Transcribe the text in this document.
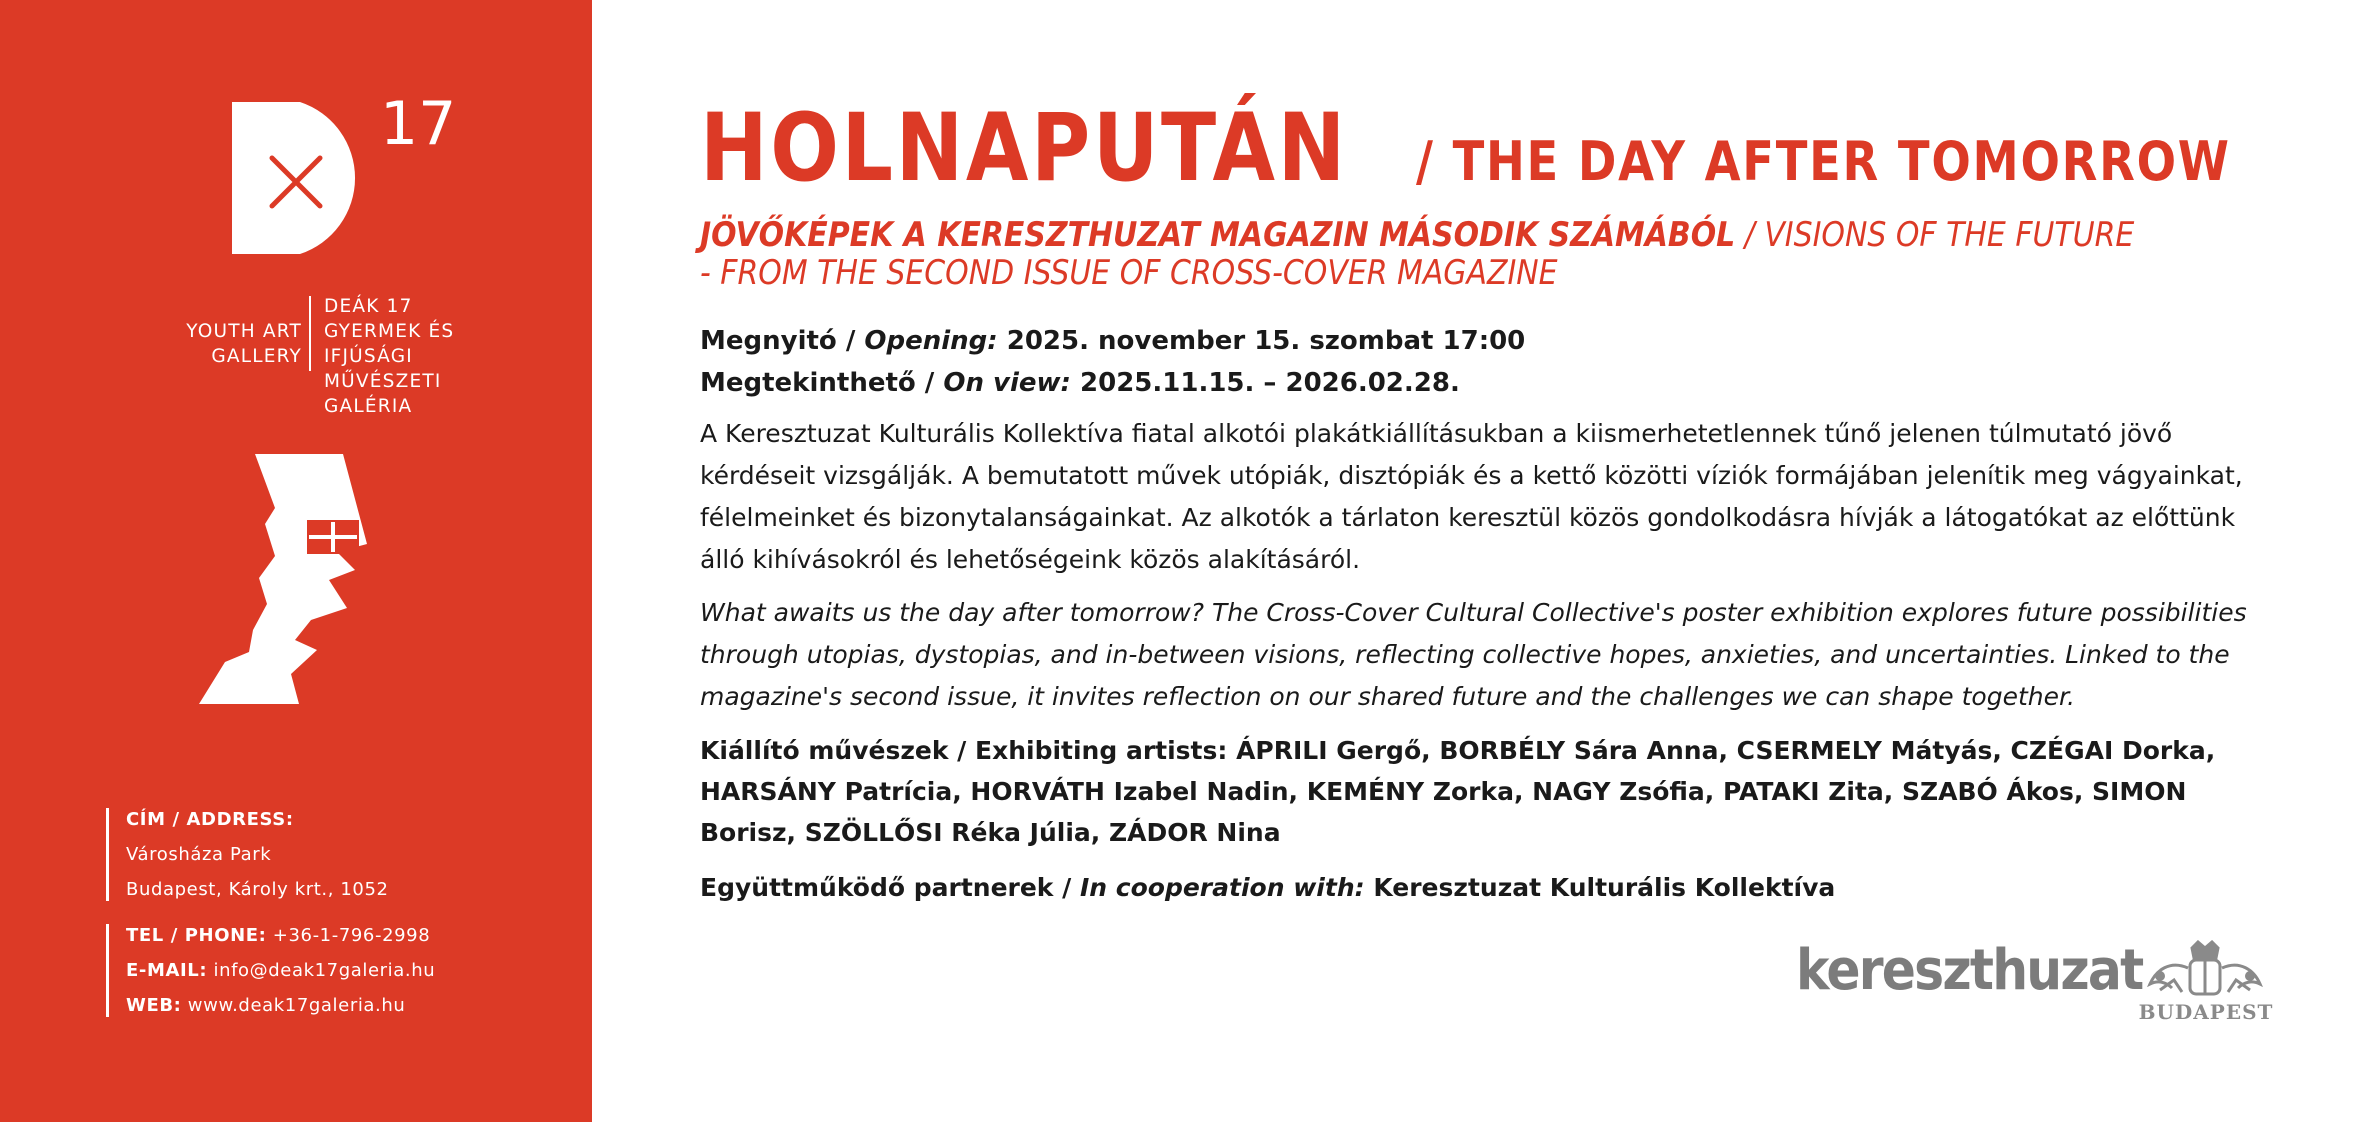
17
YOUTH ART
GALLERY
DEÁK 17
GYERMEK ÉS IFJÚSÁGI
MŰVÉSZETI GALÉRIA
CÍM / ADDRESS:
Városháza Park
Budapest, Károly krt., 1052
TEL / PHONE: +36-1-796-2998
E-MAIL: info@deak17galeria.hu
WEB: www.deak17galeria.hu
HOLNAPUTÁN / THE DAY AFTER TOMORROW
JÖVŐKÉPEK A KERESZTHUZAT MAGAZIN MÁSODIK SZÁMÁBÓL / VISIONS OF THE FUTURE - FROM THE SECOND ISSUE OF CROSS-COVER MAGAZINE
Megnyitó / Opening: 2025. november 15. szombat 17:00
Megtekinthető / On view: 2025.11.15. – 2026.02.28.
A Keresztuzat Kulturális Kollektíva fiatal alkotói plakátkiállításukban a kiismerhetetlennek tűnő jelenen túlmutató jövő kérdéseit vizsgálják. A bemutatott művek utópiák, disztópiák és a kettő közötti víziók formájában jelenítik meg vágyainkat, félelmeinket és bizonytalanságainkat. Az alkotók a tárlaton keresztül közös gondolkodásra hívják a látogatókat az előttünk álló kihívásokról és lehetőségeink közös alakításáról.
What awaits us the day after tomorrow? The Cross-Cover Cultural Collective's poster exhibition explores future possibilities through utopias, dystopias, and in-between visions, reflecting collective hopes, anxieties, and uncertainties. Linked to the magazine's second issue, it invites reflection on our shared future and the challenges we can shape together.
Kiállító művészek / Exhibiting artists: ÁPRILI Gergő, BORBÉLY Sára Anna, CSERMELY Mátyás, CZÉGAI Dorka, HARSÁNY Patrícia, HORVÁTH Izabel Nadin, KEMÉNY Zorka, NAGY Zsófia, PATAKI Zita, SZABÓ Ákos, SIMON Borisz, SZÖLLŐSI Réka Júlia, ZÁDOR Nina
Együttműködő partnerek / In cooperation with: Keresztuzat Kulturális Kollektíva
kereszthuzat
BUDAPEST
